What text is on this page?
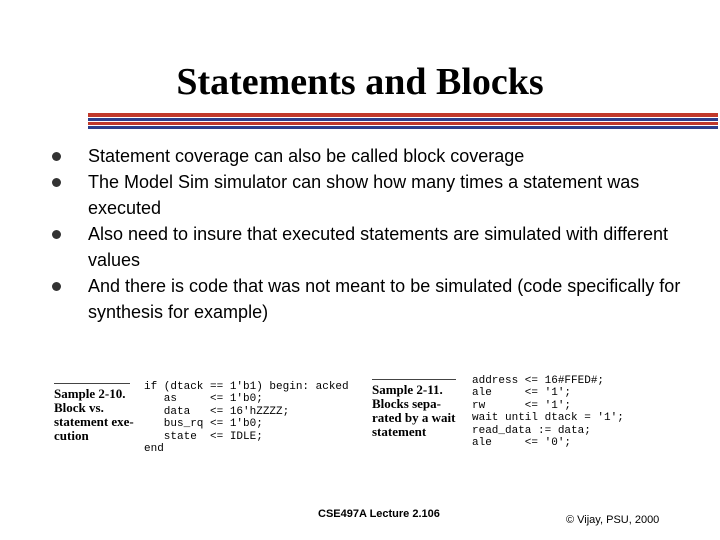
Statements and Blocks
Statement coverage can also be called block coverage
The Model Sim simulator can show how many times a statement was executed
Also need to insure that executed statements are simulated with different values
And there is code that was not meant to be simulated (code specifically for synthesis for example)
Sample 2-10.
Block vs.
statement exe-
cution
if (dtack == 1'b1) begin: acked
as     <= 1'b0;
data   <= 16'hZZZZ;
bus_rq <= 1'b0;
state  <= IDLE;
end
Sample 2-11.
Blocks sepa-
rated by a wait
statement
address <= 16#FFED#;
ale     <= '1';
rw      <= '1';
wait until dtack = '1';
read_data := data;
ale     <= '0';
CSE497A Lecture 2.106	© Vijay, PSU, 2000
